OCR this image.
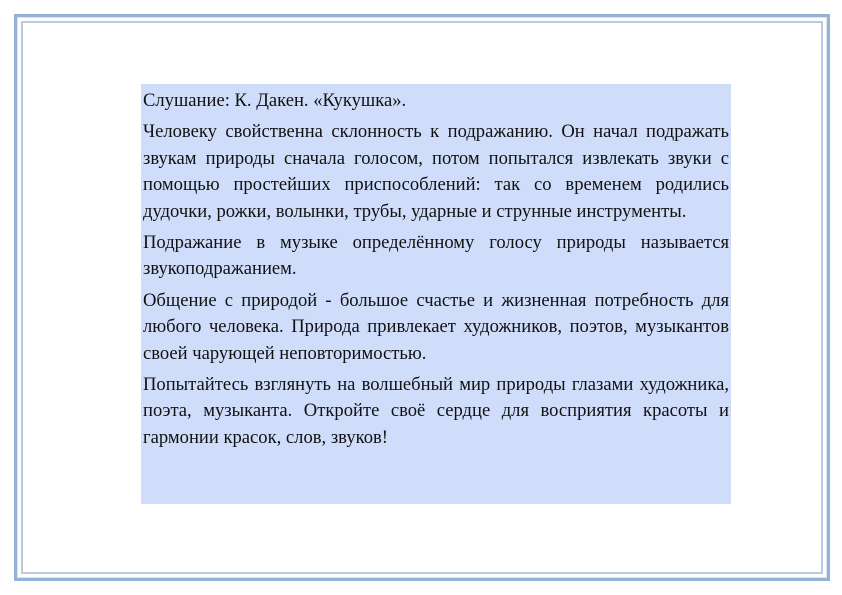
Слушание: К. Дакен. «Кукушка».

Человеку свойственна склонность к подражанию. Он начал подражать звукам природы сначала голосом, потом попытался извлекать звуки с помощью простейших приспособлений: так со временем родились дудочки, рожки, волынки, трубы, ударные и струнные инструменты.

Подражание в музыке определённому голосу природы называется звукоподражанием.

Общение с природой - большое счастье и жизненная потребность для любого человека. Природа привлекает художников, поэтов, музыкантов своей чарующей неповторимостью.

Попытайтесь взглянуть на волшебный мир природы глазами художника, поэта, музыканта. Откройте своё сердце для восприятия красоты и гармонии красок, слов, звуков!
